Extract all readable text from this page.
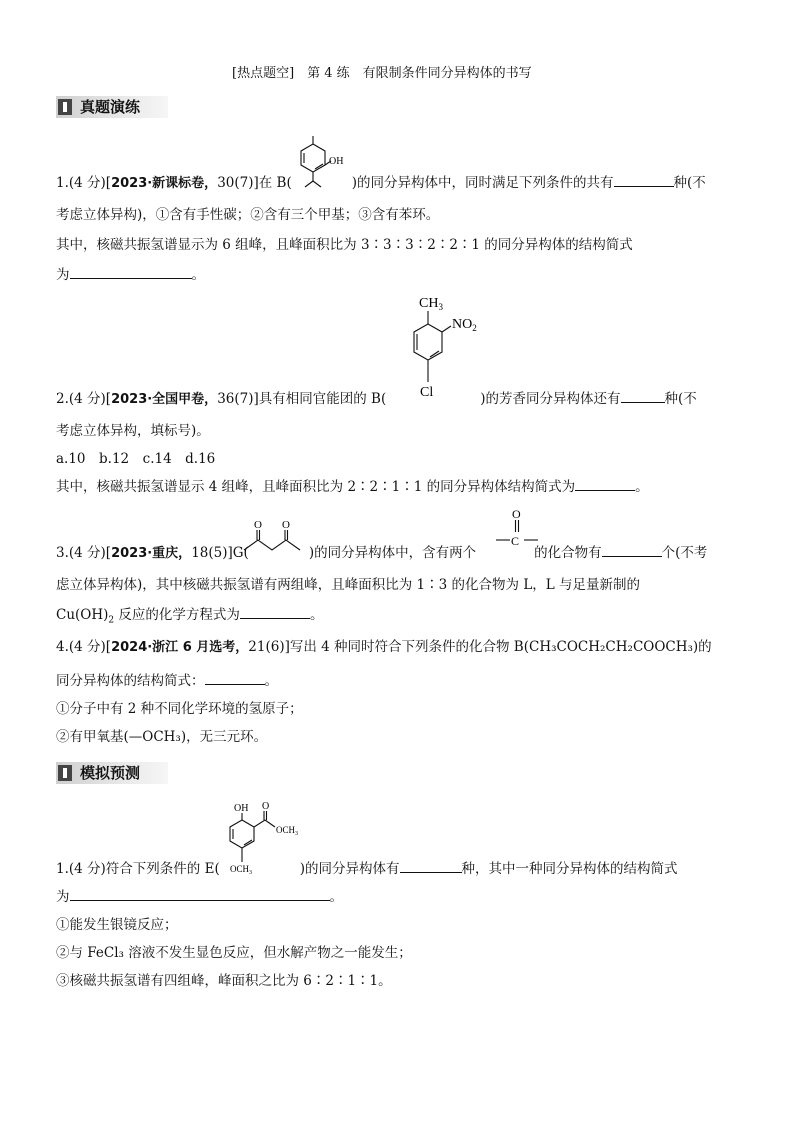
[热点题空]　第 4 练　有限制条件同分异构体的书写
真题演练
OH
1.(4 分)[2023·新课标卷，30(7)]在 B(	)的同分异构体中，同时满足下列条件的共有	种(不
考虑立体异构)，①含有手性碳；②含有三个甲基；③含有苯环。
其中，核磁共振氢谱显示为 6 组峰，且峰面积比为 3∶3∶3∶2∶2∶1 的同分异构体的结构简式
为	。
$CH_3$
$NO_2$
Cl
2.(4 分)[2023·全国甲卷，36(7)]具有相同官能团的 B(	)的芳香同分异构体还有	种(不
考虑立体异构，填标号)。
a.10　b.12　c.14　d.16
其中，核磁共振氢谱显示 4 组峰，且峰面积比为 2∶2∶1∶1 的同分异构体结构简式为	。
O O
O
C
3.(4 分)[2023·重庆，18(5)]G(	)的同分异构体中，含有两个	的化合物有	个(不考
虑立体异构体)，其中核磁共振氢谱有两组峰，且峰面积比为 1∶3 的化合物为 L，L 与足量新制的
$Cu(OH)_2$ 反应的化学方程式为	。
4.(4 分)[2024·浙江 6 月选考，21(6)]写出 4 种同时符合下列条件的化合物 B(CH₃COCH₂CH₂COOCH₃)的
同分异构体的结构简式：	。
①分子中有 2 种不同化学环境的氢原子；
②有甲氧基(—OCH₃)，无三元环。
模拟预测
OH O
$OCH_3$
$OCH_3$
1.(4 分)符合下列条件的 E(	)的同分异构体有	种，其中一种同分异构体的结构简式
为	。
①能发生银镜反应；
②与 FeCl₃ 溶液不发生显色反应，但水解产物之一能发生；
③核磁共振氢谱有四组峰，峰面积之比为 6∶2∶1∶1。
